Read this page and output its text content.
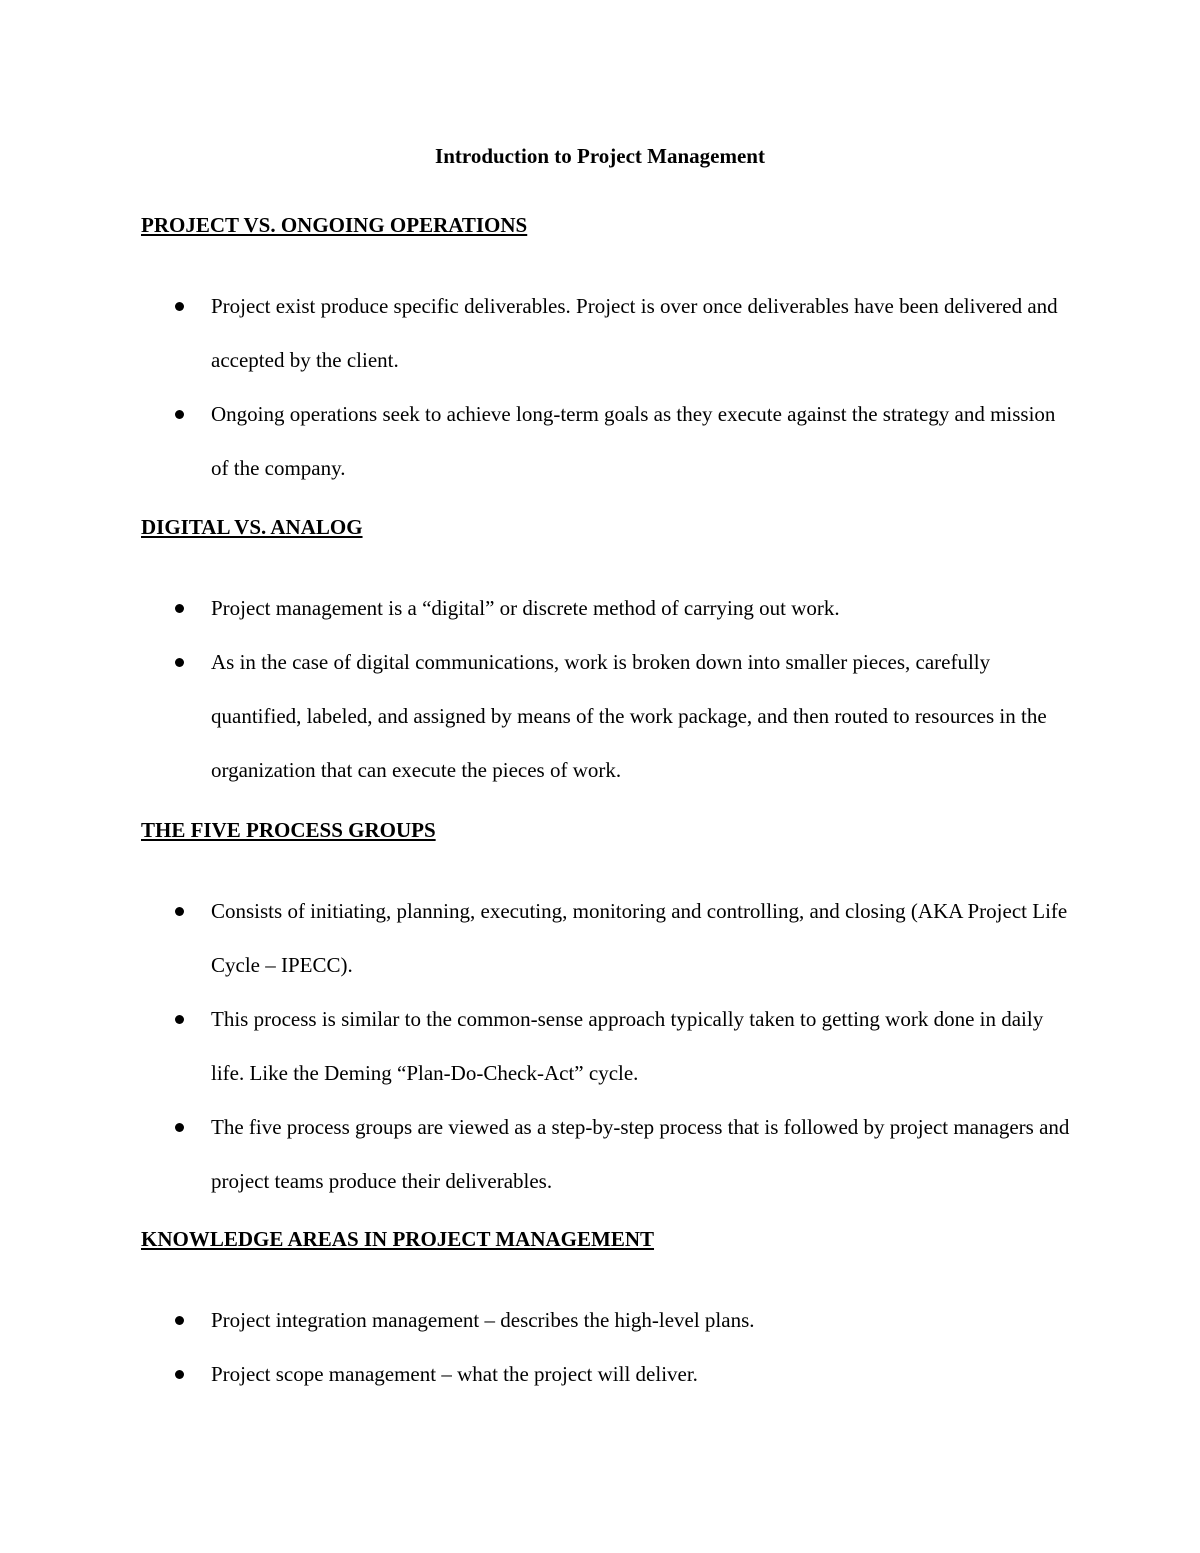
Introduction to Project Management
PROJECT VS. ONGOING OPERATIONS
Project exist produce specific deliverables. Project is over once deliverables have been delivered and accepted by the client.
Ongoing operations seek to achieve long-term goals as they execute against the strategy and mission of the company.
DIGITAL VS. ANALOG
Project management is a “digital” or discrete method of carrying out work.
As in the case of digital communications, work is broken down into smaller pieces, carefully quantified, labeled, and assigned by means of the work package, and then routed to resources in the organization that can execute the pieces of work.
THE FIVE PROCESS GROUPS
Consists of initiating, planning, executing, monitoring and controlling, and closing (AKA Project Life Cycle – IPECC).
This process is similar to the common-sense approach typically taken to getting work done in daily life. Like the Deming “Plan-Do-Check-Act” cycle.
The five process groups are viewed as a step-by-step process that is followed by project managers and project teams produce their deliverables.
KNOWLEDGE AREAS IN PROJECT MANAGEMENT
Project integration management – describes the high-level plans.
Project scope management – what the project will deliver.
